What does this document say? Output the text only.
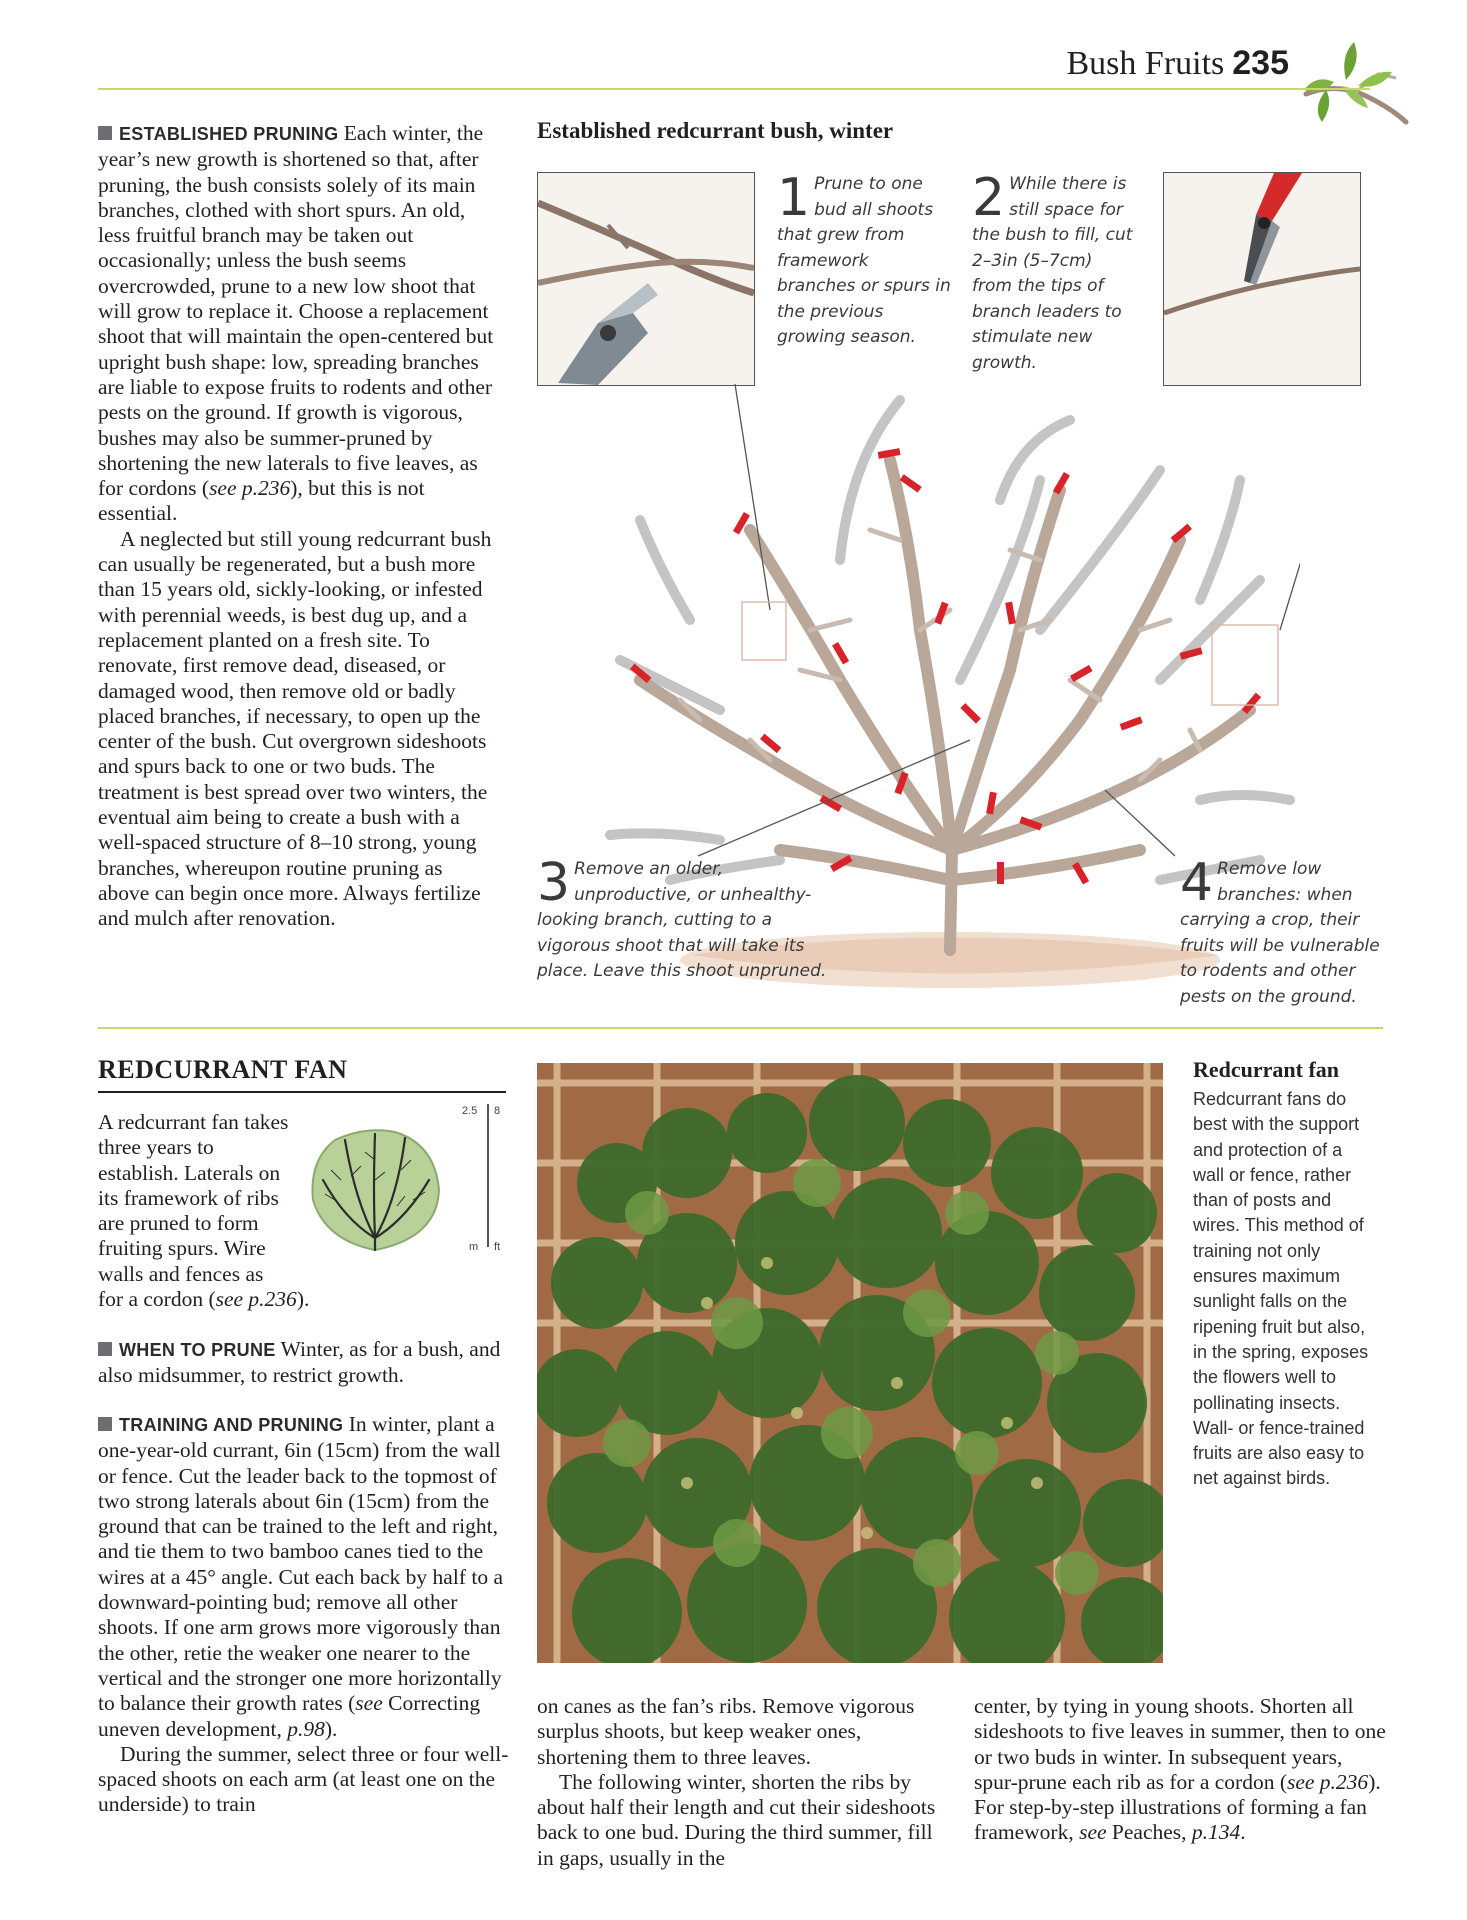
Bush Fruits 235

ESTABLISHED PRUNING Each winter, the year’s new growth is shortened so that, after pruning, the bush consists solely of its main branches, clothed with short spurs. An old, less fruitful branch may be taken out occasionally; unless the bush seems overcrowded, prune to a new low shoot that will grow to replace it. Choose a replacement shoot that will maintain the open-centered but upright bush shape: low, spreading branches are liable to expose fruits to rodents and other pests on the ground. If growth is vigorous, bushes may also be summer-pruned by shortening the new laterals to five leaves, as for cordons (see p.236), but this is not essential.

A neglected but still young redcurrant bush can usually be regenerated, but a bush more than 15 years old, sickly-looking, or infested with perennial weeds, is best dug up, and a replacement planted on a fresh site. To renovate, first remove dead, diseased, or damaged wood, then remove old or badly placed branches, if necessary, to open up the center of the bush. Cut overgrown sideshoots and spurs back to one or two buds. The treatment is best spread over two winters, the eventual aim being to create a bush with a well-spaced structure of 8–10 strong, young branches, whereupon routine pruning as above can begin once more. Always fertilize and mulch after renovation.

Established redcurrant bush, winter
1 Prune to one bud all shoots that grew from framework branches or spurs in the previous growing season.
2 While there is still space for the bush to fill, cut 2–3in (5–7cm) from the tips of branch leaders to stimulate new growth.
3 Remove an older, unproductive, or unhealthy-looking branch, cutting to a vigorous shoot that will take its place. Leave this shoot unpruned.
4 Remove low branches: when carrying a crop, their fruits will be vulnerable to rodents and other pests on the ground.
REDCURRANT FAN
2.5 8
m ft

A redcurrant fan takes three years to establish. Laterals on its framework of ribs are pruned to form fruiting spurs. Wire walls and fences as for a cordon (see p.236).

WHEN TO PRUNE Winter, as for a bush, and also midsummer, to restrict growth.

TRAINING AND PRUNING In winter, plant a one-year-old currant, 6in (15cm) from the wall or fence. Cut the leader back to the topmost of two strong laterals about 6in (15cm) from the ground that can be trained to the left and right, and tie them to two bamboo canes tied to the wires at a 45° angle. Cut each back by half to a downward-pointing bud; remove all other shoots. If one arm grows more vigorously than the other, retie the weaker one nearer to the vertical and the stronger one more horizontally to balance their growth rates (see Correcting uneven development, p.98).

During the summer, select three or four well-spaced shoots on each arm (at least one on the underside) to train

Redcurrant fan
Redcurrant fans do best with the support and protection of a wall or fence, rather than of posts and wires. This method of training not only ensures maximum sunlight falls on the ripening fruit but also, in the spring, exposes the flowers well to pollinating insects. Wall- or fence-trained fruits are also easy to net against birds.

on canes as the fan’s ribs. Remove vigorous surplus shoots, but keep weaker ones, shortening them to three leaves.

The following winter, shorten the ribs by about half their length and cut their sideshoots back to one bud. During the third summer, fill in gaps, usually in the

center, by tying in young shoots. Shorten all sideshoots to five leaves in summer, then to one or two buds in winter. In subsequent years, spur-prune each rib as for a cordon (see p.236). For step-by-step illustrations of forming a fan framework, see Peaches, p.134.
